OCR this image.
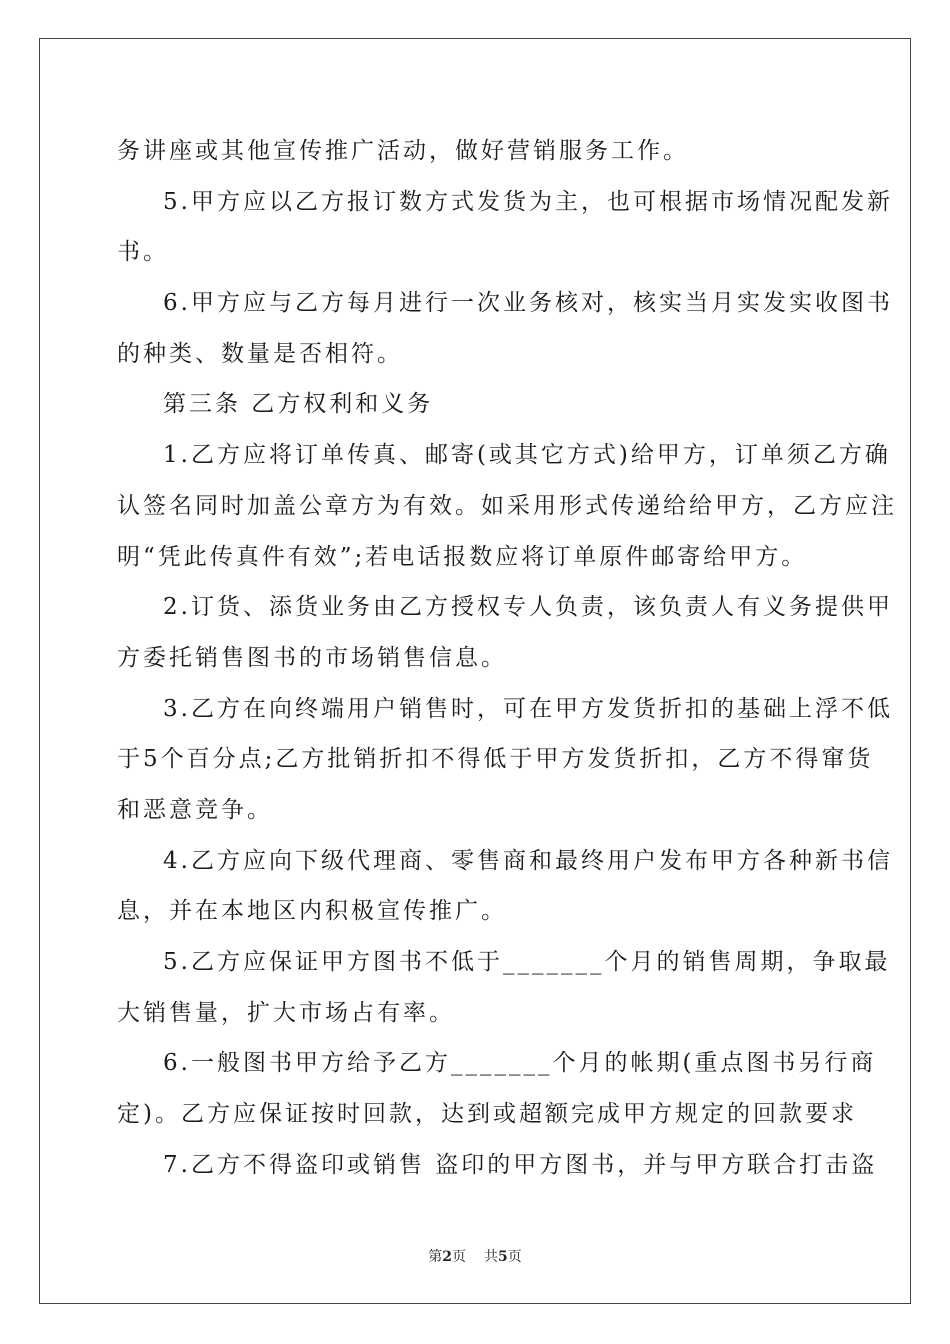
务讲座或其他宣传推广活动，做好营销服务工作。
5.甲方应以乙方报订数方式发货为主，也可根据市场情况配发新
书。
6.甲方应与乙方每月进行一次业务核对，核实当月实发实收图书
的种类、数量是否相符。
第三条 乙方权利和义务
1.乙方应将订单传真、邮寄(或其它方式)给甲方，订单须乙方确
认签名同时加盖公章方为有效。如采用形式传递给给甲方，乙方应注
明“凭此传真件有效”;若电话报数应将订单原件邮寄给甲方。
2.订货、添货业务由乙方授权专人负责，该负责人有义务提供甲
方委托销售图书的市场销售信息。
3.乙方在向终端用户销售时，可在甲方发货折扣的基础上浮不低
于5个百分点;乙方批销折扣不得低于甲方发货折扣，乙方不得窜货
和恶意竞争。
4.乙方应向下级代理商、零售商和最终用户发布甲方各种新书信
息，并在本地区内积极宣传推广。
5.乙方应保证甲方图书不低于_______个月的销售周期，争取最
大销售量，扩大市场占有率。
6.一般图书甲方给予乙方_______个月的帐期(重点图书另行商
定)。乙方应保证按时回款，达到或超额完成甲方规定的回款要求
7.乙方不得盗印或销售 盗印的甲方图书，并与甲方联合打击盗
第2页 共5页
